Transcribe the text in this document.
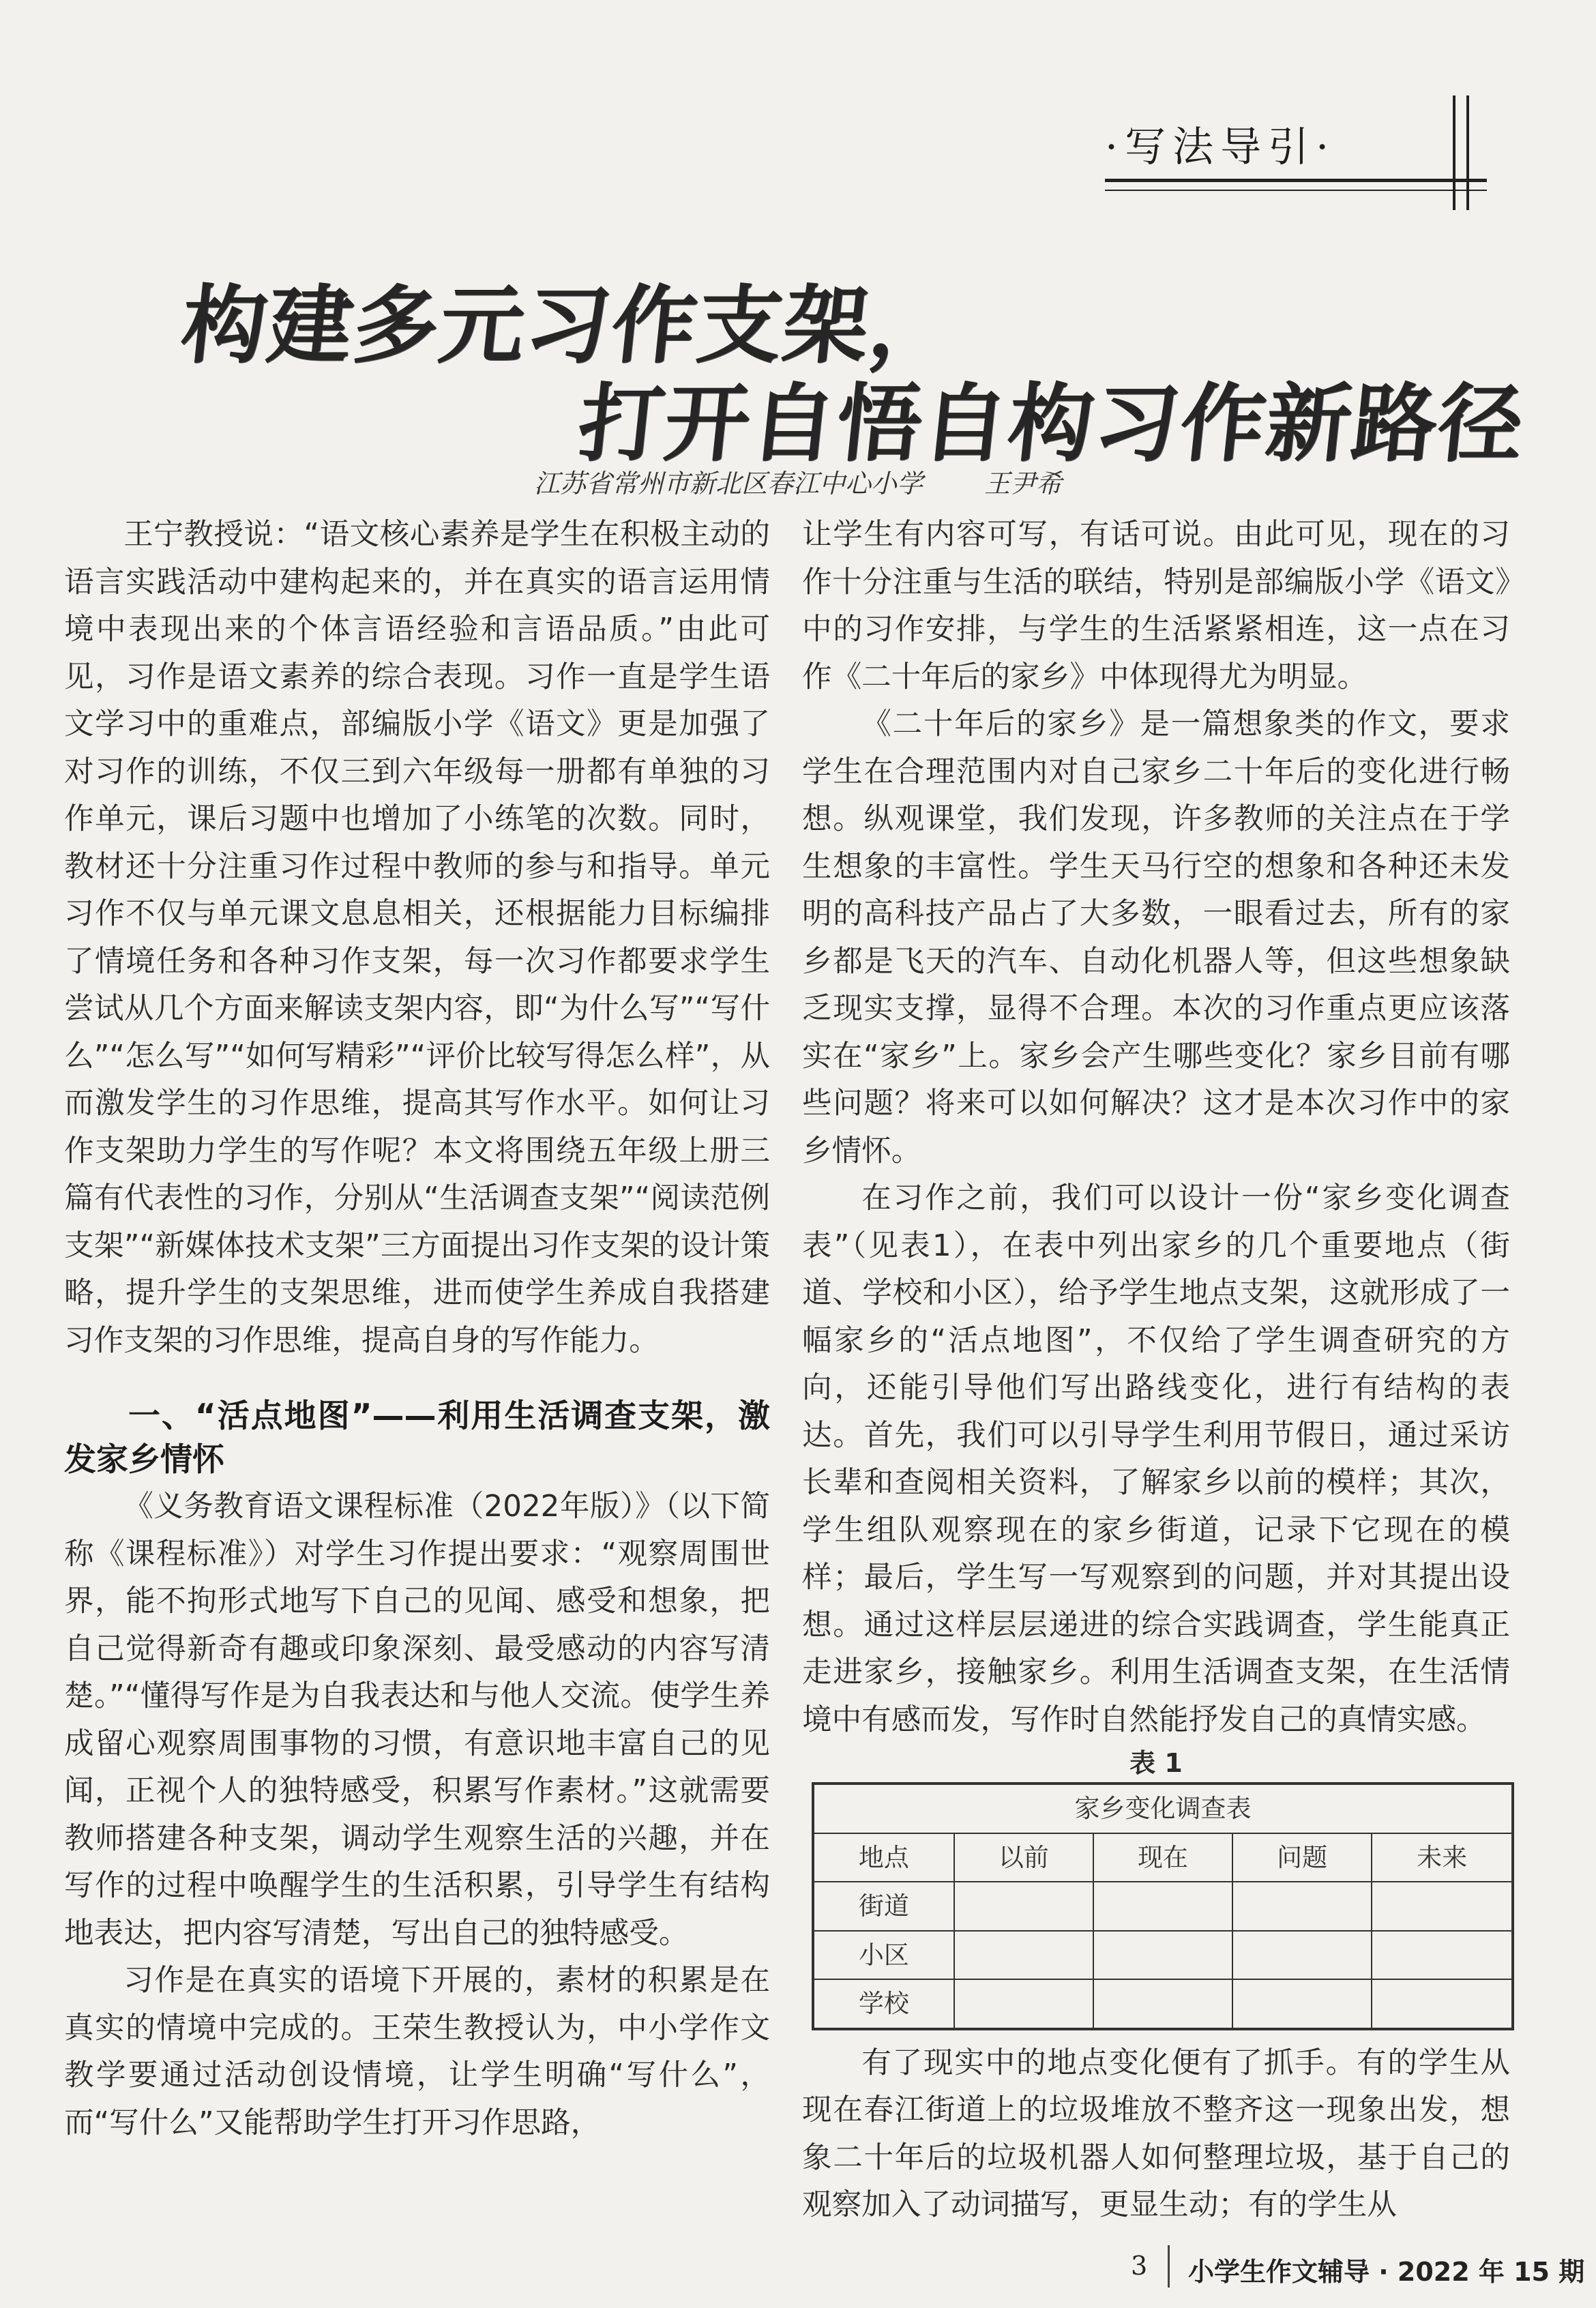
·写法导引·
构建多元习作支架，
打开自悟自构习作新路径
江苏省常州市新北区春江中心小学 王尹希

王宁教授说：“语文核心素养是学生在积极主动的语言实践活动中建构起来的，并在真实的语言运用情境中表现出来的个体言语经验和言语品质。”由此可见，习作是语文素养的综合表现。习作一直是学生语文学习中的重难点，部编版小学《语文》更是加强了对习作的训练，不仅三到六年级每一册都有单独的习作单元，课后习题中也增加了小练笔的次数。同时，教材还十分注重习作过程中教师的参与和指导。单元习作不仅与单元课文息息相关，还根据能力目标编排了情境任务和各种习作支架，每一次习作都要求学生尝试从几个方面来解读支架内容，即“为什么写”“写什么”“怎么写”“如何写精彩”“评价比较写得怎么样”，从而激发学生的习作思维，提高其写作水平。如何让习作支架助力学生的写作呢？本文将围绕五年级上册三篇有代表性的习作，分别从“生活调查支架”“阅读范例支架”“新媒体技术支架”三方面提出习作支架的设计策略，提升学生的支架思维，进而使学生养成自我搭建习作支架的习作思维，提高自身的写作能力。

一、“活点地图”——利用生活调查支架，激发家乡情怀

《义务教育语文课程标准（2022年版）》（以下简称《课程标准》）对学生习作提出要求：“观察周围世界，能不拘形式地写下自己的见闻、感受和想象，把自己觉得新奇有趣或印象深刻、最受感动的内容写清楚。”“懂得写作是为自我表达和与他人交流。使学生养成留心观察周围事物的习惯，有意识地丰富自己的见闻，正视个人的独特感受，积累写作素材。”这就需要教师搭建各种支架，调动学生观察生活的兴趣，并在写作的过程中唤醒学生的生活积累，引导学生有结构地表达，把内容写清楚，写出自己的独特感受。

习作是在真实的语境下开展的，素材的积累是在真实的情境中完成的。王荣生教授认为，中小学作文教学要通过活动创设情境，让学生明确“写什么”，而“写什么”又能帮助学生打开习作思路，

让学生有内容可写，有话可说。由此可见，现在的习作十分注重与生活的联结，特别是部编版小学《语文》中的习作安排，与学生的生活紧紧相连，这一点在习作《二十年后的家乡》中体现得尤为明显。

《二十年后的家乡》是一篇想象类的作文，要求学生在合理范围内对自己家乡二十年后的变化进行畅想。纵观课堂，我们发现，许多教师的关注点在于学生想象的丰富性。学生天马行空的想象和各种还未发明的高科技产品占了大多数，一眼看过去，所有的家乡都是飞天的汽车、自动化机器人等，但这些想象缺乏现实支撑，显得不合理。本次的习作重点更应该落实在“家乡”上。家乡会产生哪些变化？家乡目前有哪些问题？将来可以如何解决？这才是本次习作中的家乡情怀。

在习作之前，我们可以设计一份“家乡变化调查表”（见表1），在表中列出家乡的几个重要地点（街道、学校和小区），给予学生地点支架，这就形成了一幅家乡的“活点地图”，不仅给了学生调查研究的方向，还能引导他们写出路线变化，进行有结构的表达。首先，我们可以引导学生利用节假日，通过采访长辈和查阅相关资料，了解家乡以前的模样；其次，学生组队观察现在的家乡街道，记录下它现在的模样；最后，学生写一写观察到的问题，并对其提出设想。通过这样层层递进的综合实践调查，学生能真正走进家乡，接触家乡。利用生活调查支架，在生活情境中有感而发，写作时自然能抒发自己的真情实感。

表 1

家乡变化调查表				
地点	以前	现在	问题	未来
街道				
小区				
学校				

有了现实中的地点变化便有了抓手。有的学生从现在春江街道上的垃圾堆放不整齐这一现象出发，想象二十年后的垃圾机器人如何整理垃圾，基于自己的观察加入了动词描写，更显生动；有的学生从

3 小学生作文辅导 · 2022 年 15 期
